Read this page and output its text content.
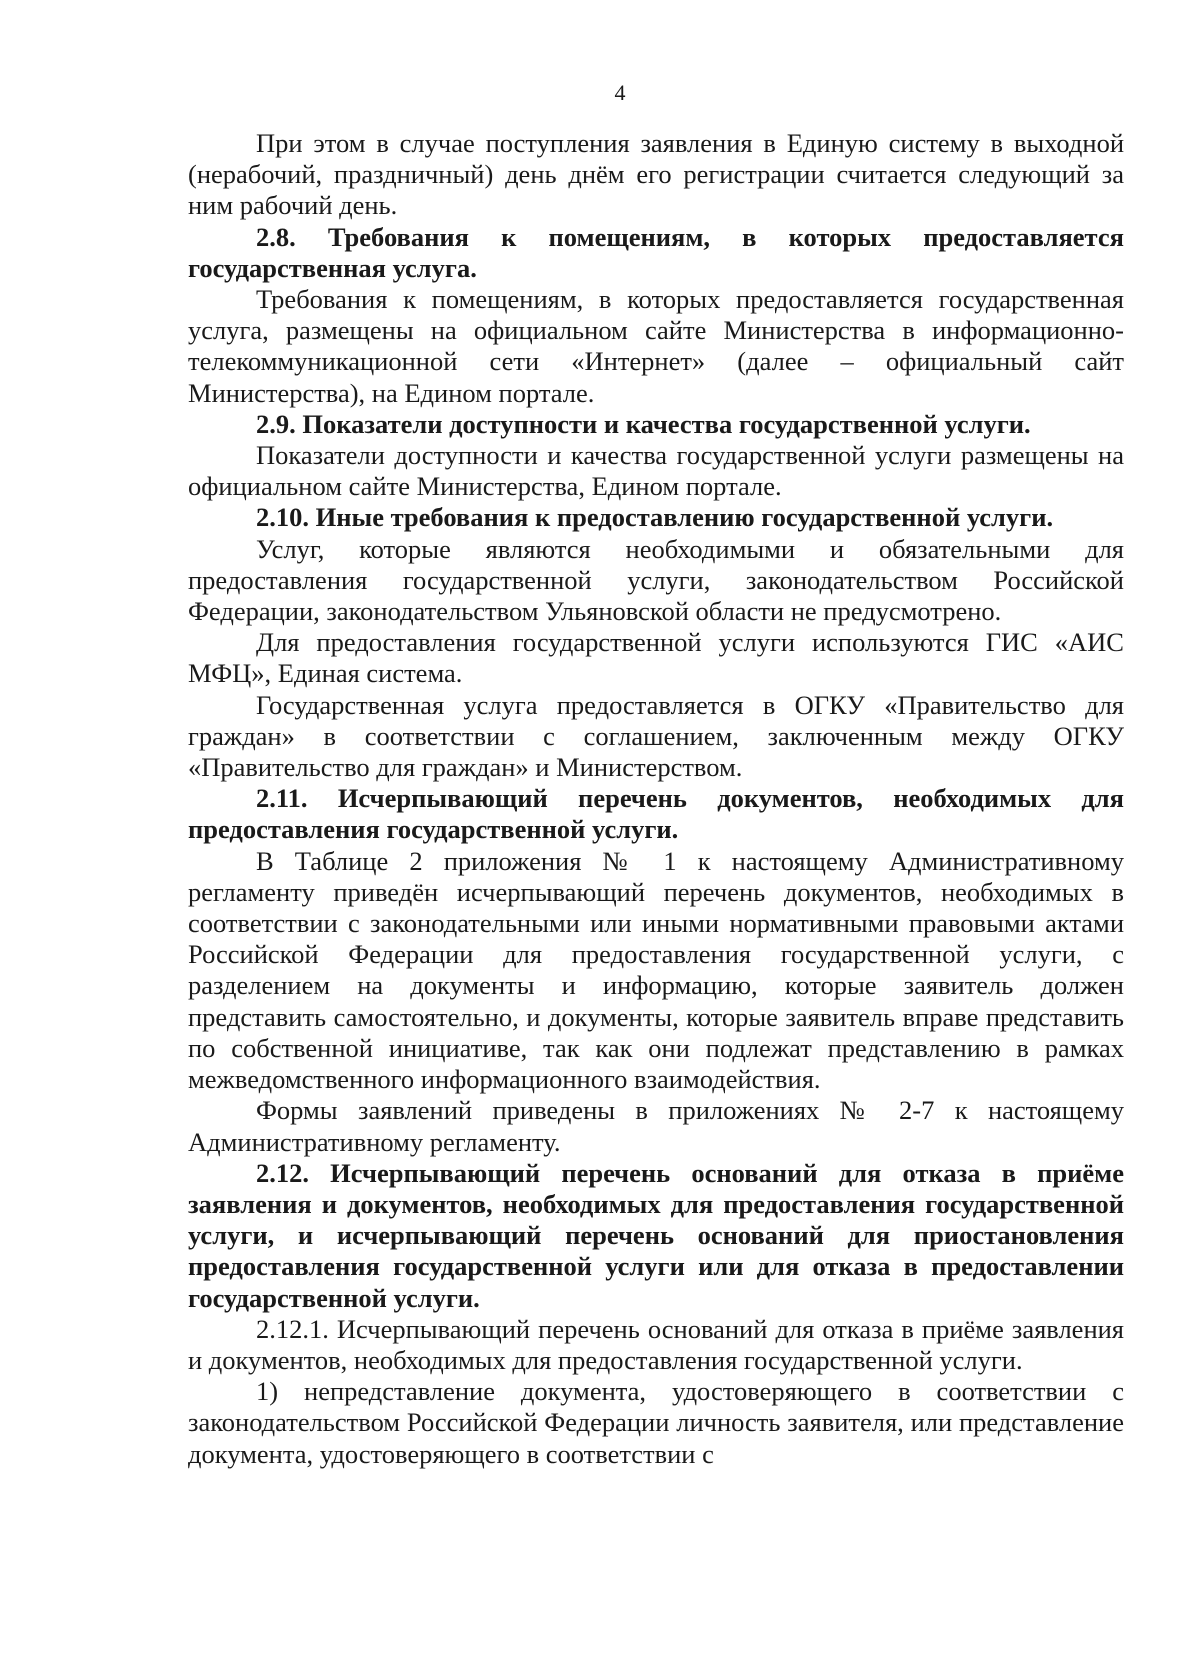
4

При этом в случае поступления заявления в Единую систему в выходной (нерабочий, праздничный) день днём его регистрации считается следующий за ним рабочий день.

2.8. Требования к помещениям, в которых предоставляется государственная услуга.

Требования к помещениям, в которых предоставляется государственная услуга, размещены на официальном сайте Министерства в информационно-телекоммуникационной сети «Интернет» (далее – официальный сайт Министерства), на Едином портале.

2.9. Показатели доступности и качества государственной услуги.

Показатели доступности и качества государственной услуги размещены на официальном сайте Министерства, Едином портале.

2.10. Иные требования к предоставлению государственной услуги.

Услуг, которые являются необходимыми и обязательными для предоставления государственной услуги, законодательством Российской Федерации, законодательством Ульяновской области не предусмотрено.

Для предоставления государственной услуги используются ГИС «АИС МФЦ», Единая система.

Государственная услуга предоставляется в ОГКУ «Правительство для граждан» в соответствии с соглашением, заключенным между ОГКУ «Правительство для граждан» и Министерством.

2.11. Исчерпывающий перечень документов, необходимых для предоставления государственной услуги.

В Таблице 2 приложения № 1 к настоящему Административному регламенту приведён исчерпывающий перечень документов, необходимых в соответствии с законодательными или иными нормативными правовыми актами Российской Федерации для предоставления государственной услуги, с разделением на документы и информацию, которые заявитель должен представить самостоятельно, и документы, которые заявитель вправе представить по собственной инициативе, так как они подлежат представлению в рамках межведомственного информационного взаимодействия.

Формы заявлений приведены в приложениях № 2-7 к настоящему Административному регламенту.

2.12. Исчерпывающий перечень оснований для отказа в приёме заявления и документов, необходимых для предоставления государственной услуги, и исчерпывающий перечень оснований для приостановления предоставления государственной услуги или для отказа в предоставлении государственной услуги.

2.12.1. Исчерпывающий перечень оснований для отказа в приёме заявления и документов, необходимых для предоставления государственной услуги.

1) непредставление документа, удостоверяющего в соответствии с законодательством Российской Федерации личность заявителя, или представление документа, удостоверяющего в соответствии с
